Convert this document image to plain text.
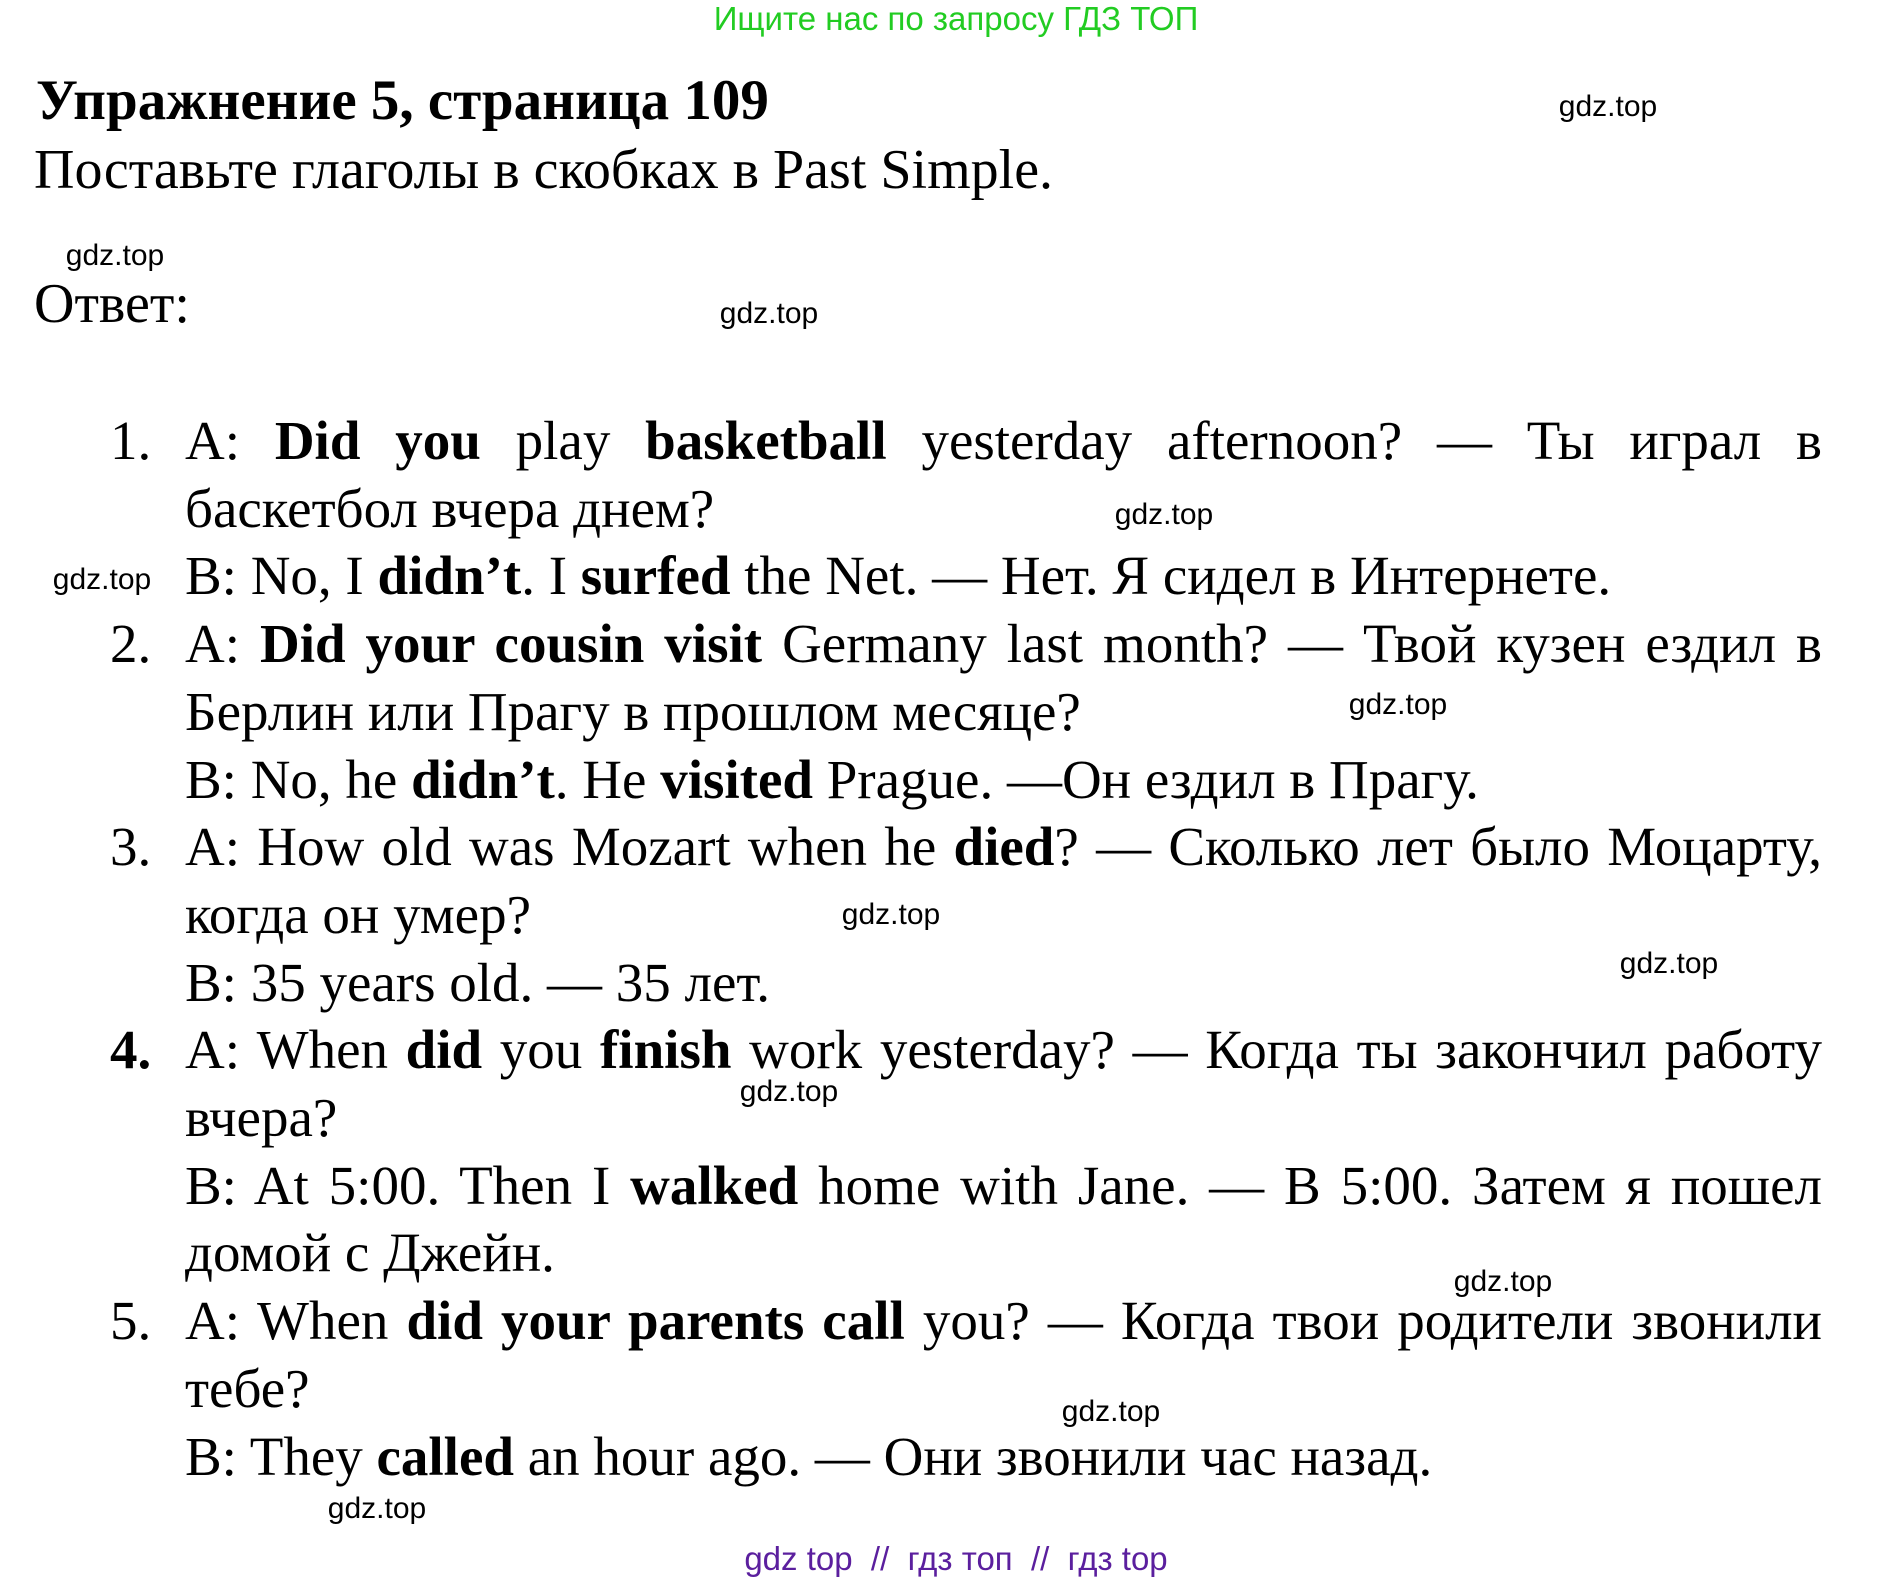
Ищите нас по запросу ГДЗ ТОП
Упражнение 5, страница 109
Поставьте глаголы в скобках в Past Simple.
Ответ:
gdz.top
gdz.top
gdz.top
gdz.top
gdz.top
gdz.top
gdz.top
gdz.top
gdz.top
gdz.top
gdz.top
gdz.top
1. A: Did you play basketball yesterday afternoon? — Ты играл в баскетбол вчера днем?
B: No, I didn’t. I surfed the Net. — Нет. Я сидел в Интернете.
2. A: Did your cousin visit Germany last month? — Твой кузен ездил в Берлин или Прагу в прошлом месяце?
B: No, he didn’t. He visited Prague. —Он ездил в Прагу.
3. A: How old was Mozart when he died? — Сколько лет было Моцарту, когда он умер?
B: 35 years old. — 35 лет.
4. A: When did you finish work yesterday? — Когда ты закончил работу вчера?
B: At 5:00. Then I walked home with Jane. — В 5:00. Затем я пошел домой с Джейн.
5. A: When did your parents call you? — Когда твои родители звонили тебе?
B: They called an hour ago. — Они звонили час назад.
gdz top  //  гдз топ  //  гдз top
